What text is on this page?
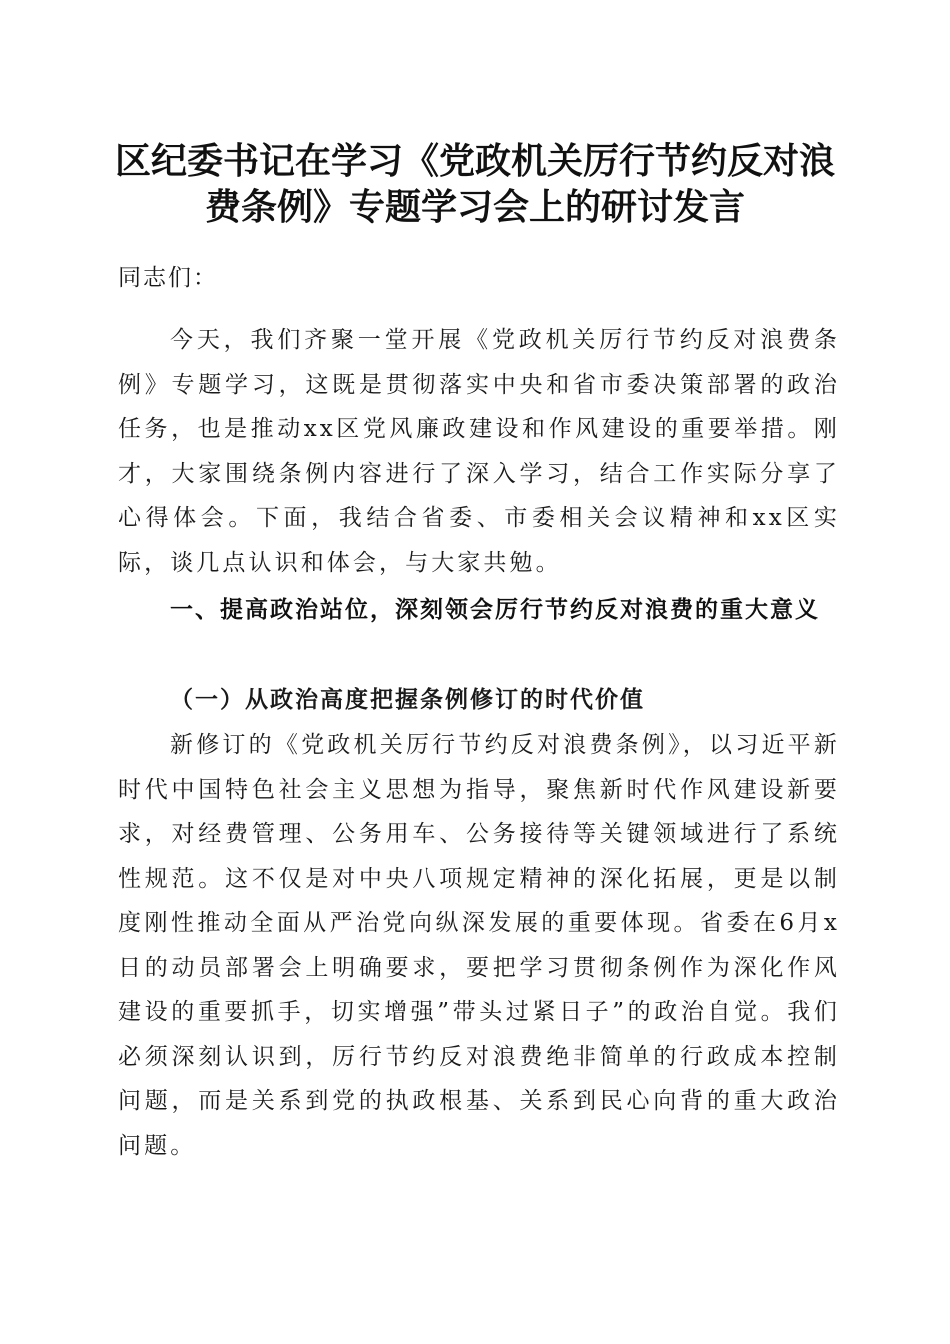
区纪委书记在学习《党政机关厉行节约反对浪
费条例》专题学习会上的研讨发言
同志们：
今天，我们齐聚一堂开展《党政机关厉行节约反对浪费条例》专题学习，这既是贯彻落实中央和省市委决策部署的政治任务，也是推动xx区党风廉政建设和作风建设的重要举措。刚才，大家围绕条例内容进行了深入学习，结合工作实际分享了心得体会。下面，我结合省委、市委相关会议精神和xx区实际，谈几点认识和体会，与大家共勉。
一、提高政治站位，深刻领会厉行节约反对浪费的重大意义
（一）从政治高度把握条例修订的时代价值
新修订的《党政机关厉行节约反对浪费条例》，以习近平新时代中国特色社会主义思想为指导，聚焦新时代作风建设新要求，对经费管理、公务用车、公务接待等关键领域进行了系统性规范。这不仅是对中央八项规定精神的深化拓展，更是以制度刚性推动全面从严治党向纵深发展的重要体现。省委在6月x日的动员部署会上明确要求，要把学习贯彻条例作为深化作风建设的重要抓手，切实增强”带头过紧日子”的政治自觉。我们必须深刻认识到，厉行节约反对浪费绝非简单的行政成本控制问题，而是关系到党的执政根基、关系到民心向背的重大政治问题。
